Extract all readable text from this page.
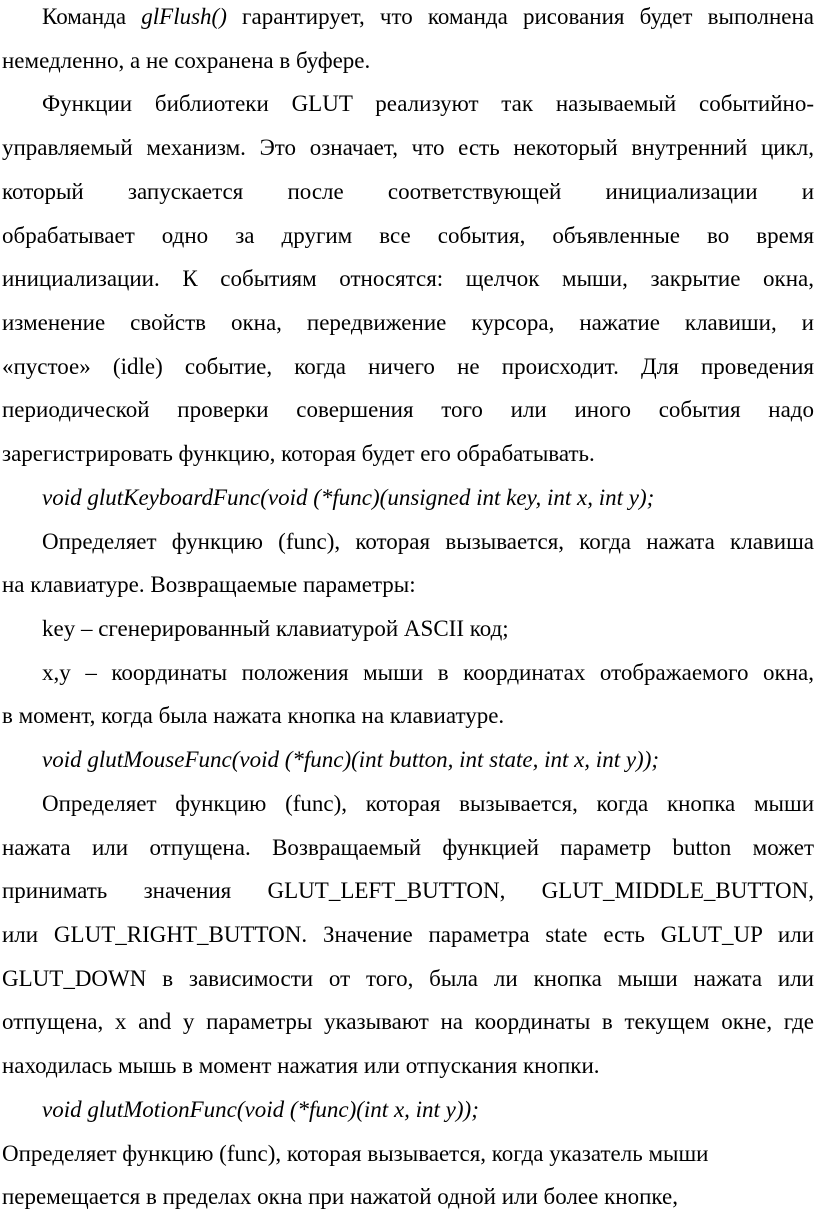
Команда glFlush() гарантирует, что команда рисования будет выполнена
немедленно, а не сохранена в буфере.
Функции библиотеки GLUT реализуют так называемый событийно-
управляемый механизм. Это означает, что есть некоторый внутренний цикл,
который запускается после соответствующей инициализации и
обрабатывает одно за другим все события, объявленные во время
инициализации. К событиям относятся: щелчок мыши, закрытие окна,
изменение свойств окна, передвижение курсора, нажатие клавиши, и
«пустое» (idle) событие, когда ничего не происходит. Для проведения
периодической проверки совершения того или иного события надо
зарегистрировать функцию, которая будет его обрабатывать.
void glutKeyboardFunc(void (*func)(unsigned int key, int x, int y);
Определяет функцию (func), которая вызывается, когда нажата клавиша
на клавиатуре. Возвращаемые параметры:
key – сгенерированный клавиатурой ASCII код;
x,y – координаты положения мыши в координатах отображаемого окна,
в момент, когда была нажата кнопка на клавиатуре.
void glutMouseFunc(void (*func)(int button, int state, int x, int y));
Определяет функцию (func), которая вызывается, когда кнопка мыши
нажата или отпущена. Возвращаемый функцией параметр button может
принимать значения GLUT_LEFT_BUTTON, GLUT_MIDDLE_BUTTON,
или GLUT_RIGHT_BUTTON. Значение параметра state есть GLUT_UP или
GLUT_DOWN в зависимости от того, была ли кнопка мыши нажата или
отпущена, x and y параметры указывают на координаты в текущем окне, где
находилась мышь в момент нажатия или отпускания кнопки.
void glutMotionFunc(void (*func)(int x, int y));
Определяет функцию (func), которая вызывается, когда указатель мыши
перемещается в пределах окна при нажатой одной или более кнопке,
